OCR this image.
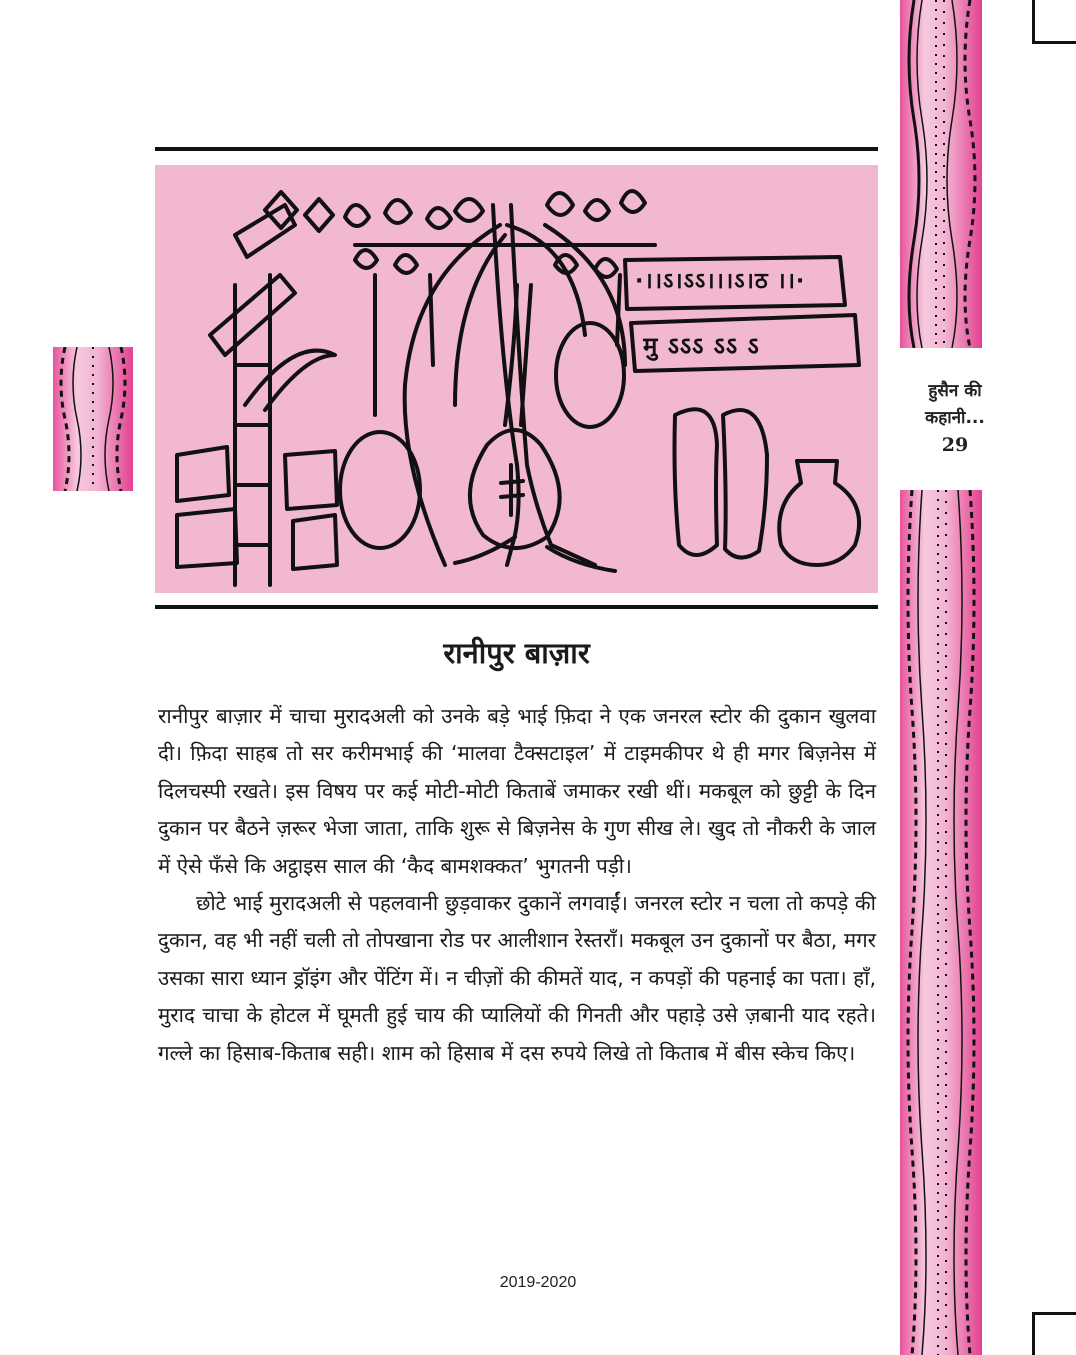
·।।ऽ।ऽऽ।।।ऽ।ठ ।।·
मु ऽऽऽ ऽऽ ऽ
हुसैन की
कहानी...
29
रानीपुर बाज़ार

रानीपुर बाज़ार में चाचा मुरादअली को उनके बड़े भाई फ़िदा ने एक जनरल स्टोर की दुकान खुलवा दी। फ़िदा साहब तो सर करीमभाई की ‘मालवा टैक्सटाइल’ में टाइमकीपर थे ही मगर बिज़नेस में दिलचस्पी रखते। इस विषय पर कई मोटी-मोटी किताबें जमाकर रखी थीं। मकबूल को छुट्टी के दिन दुकान पर बैठने ज़रूर भेजा जाता, ताकि शुरू से बिज़नेस के गुण सीख ले। खुद तो नौकरी के जाल में ऐसे फँसे कि अट्ठाइस साल की ‘कैद बामशक्कत’ भुगतनी पड़ी।

छोटे भाई मुरादअली से पहलवानी छुड़वाकर दुकानें लगवाईं। जनरल स्टोर न चला तो कपड़े की दुकान, वह भी नहीं चली तो तोपखाना रोड पर आलीशान रेस्तराँ। मकबूल उन दुकानों पर बैठा, मगर उसका सारा ध्यान ड्रॉइंग और पेंटिंग में। न चीज़ों की कीमतें याद, न कपड़ों की पहनाई का पता। हाँ, मुराद चाचा के होटल में घूमती हुई चाय की प्यालियों की गिनती और पहाड़े उसे ज़बानी याद रहते। गल्ले का हिसाब-किताब सही। शाम को हिसाब में दस रुपये लिखे तो किताब में बीस स्केच किए।

2019-2020
